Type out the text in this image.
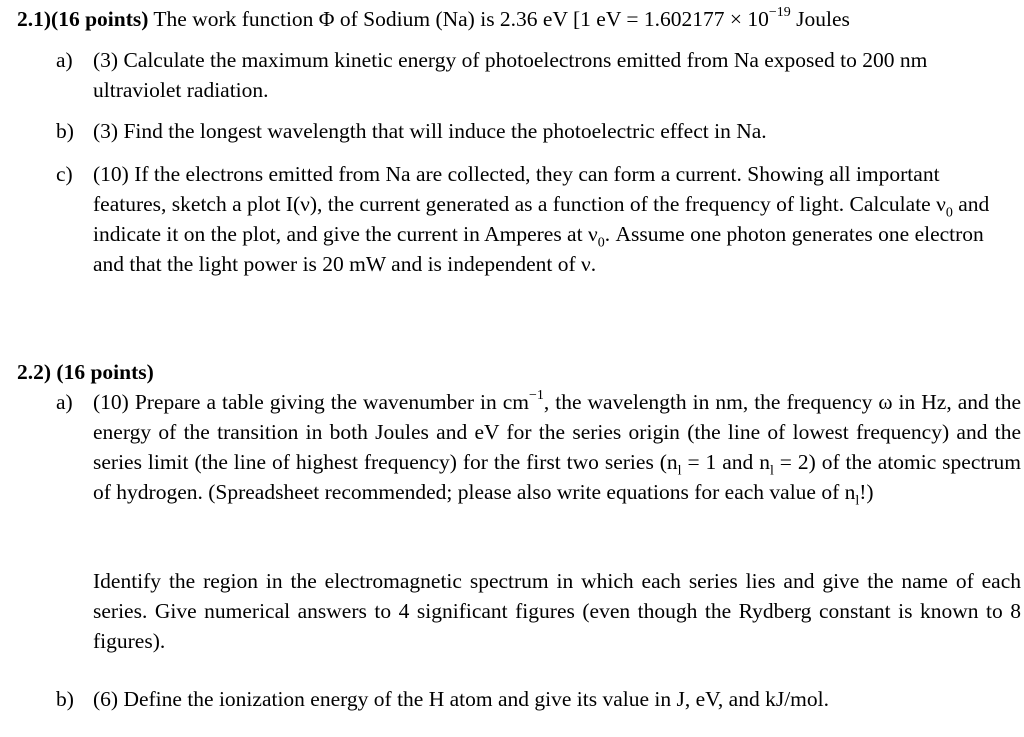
2.1)(16 points) The work function Φ of Sodium (Na) is 2.36 eV [1 eV = $1.602177 \times 10^{-19}$ Joules
a) (3) Calculate the maximum kinetic energy of photoelectrons emitted from Na exposed to 200 nm ultraviolet radiation.
b) (3) Find the longest wavelength that will induce the photoelectric effect in Na.
c) (10) If the electrons emitted from Na are collected, they can form a current. Showing all important features, sketch a plot I(ν), the current generated as a function of the frequency of light. Calculate $\nu_0$ and indicate it on the plot, and give the current in Amperes at $\nu_0$. Assume one photon generates one electron and that the light power is 20 mW and is independent of ν.
2.2) (16 points)
a) (10) Prepare a table giving the wavenumber in $cm^{-1}$, the wavelength in nm, the frequency ω in Hz, and the energy of the transition in both Joules and eV for the series origin (the line of lowest frequency) and the series limit (the line of highest frequency) for the first two series ($n_l = 1$ and $n_l = 2$) of the atomic spectrum of hydrogen. (Spreadsheet recommended; please also write equations for each value of $n_l$!)
Identify the region in the electromagnetic spectrum in which each series lies and give the name of each series. Give numerical answers to 4 significant figures (even though the Rydberg constant is known to 8 figures).
b) (6) Define the ionization energy of the H atom and give its value in J, eV, and kJ/mol.
